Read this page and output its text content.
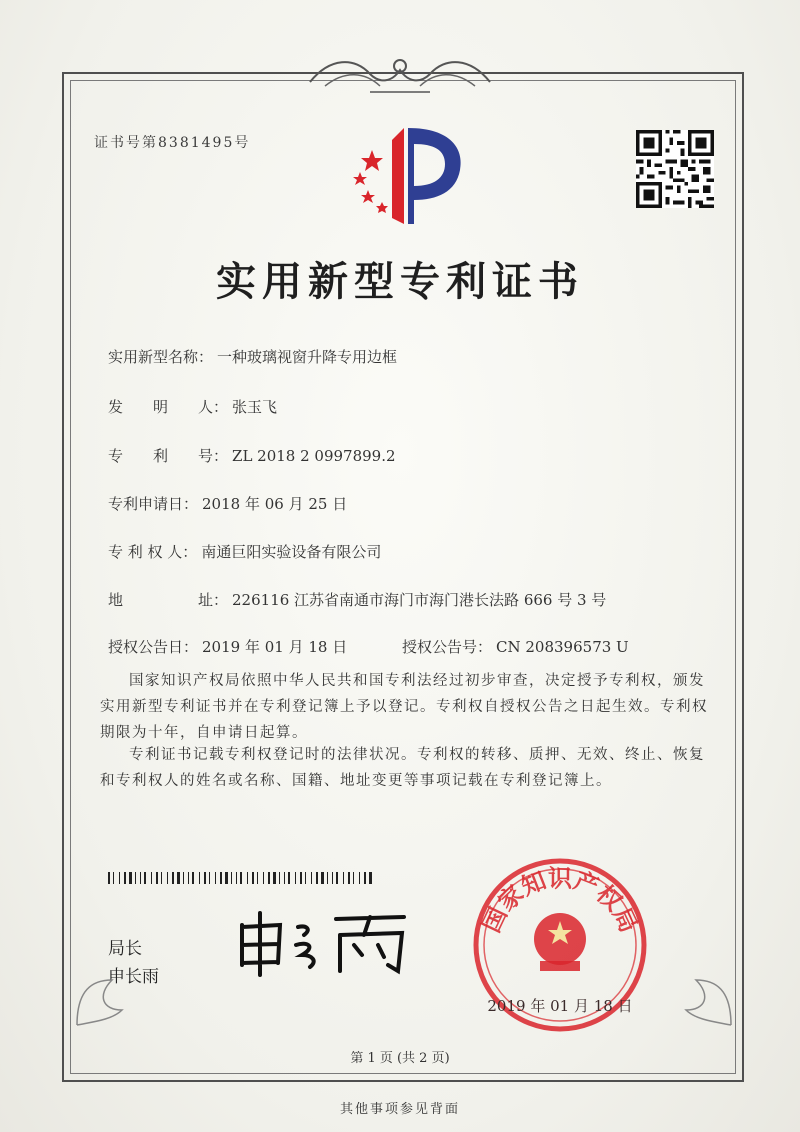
证书号第8381495号
实用新型专利证书
实用新型名称： 一种玻璃视窗升降专用边框
发　　明　　人： 张玉飞
专　　利　　号： ZL 2018 2 0997899.2
专利申请日： 2018 年 06 月 25 日
专 利 权 人： 南通巨阳实验设备有限公司
地　　　　　址： 226116 江苏省南通市海门市海门港长法路 666 号 3 号
授权公告日： 2019 年 01 月 18 日	授权公告号： CN 208396573 U
国家知识产权局依照中华人民共和国专利法经过初步审查，决定授予专利权，颁发实用新型专利证书并在专利登记簿上予以登记。专利权自授权公告之日起生效。专利权期限为十年，自申请日起算。
专利证书记载专利权登记时的法律状况。专利权的转移、质押、无效、终止、恢复和专利权人的姓名或名称、国籍、地址变更等事项记载在专利登记簿上。
局长
申长雨
国家知识产权局
2019 年 01 月 18 日
第 1 页 (共 2 页)
其他事项参见背面
